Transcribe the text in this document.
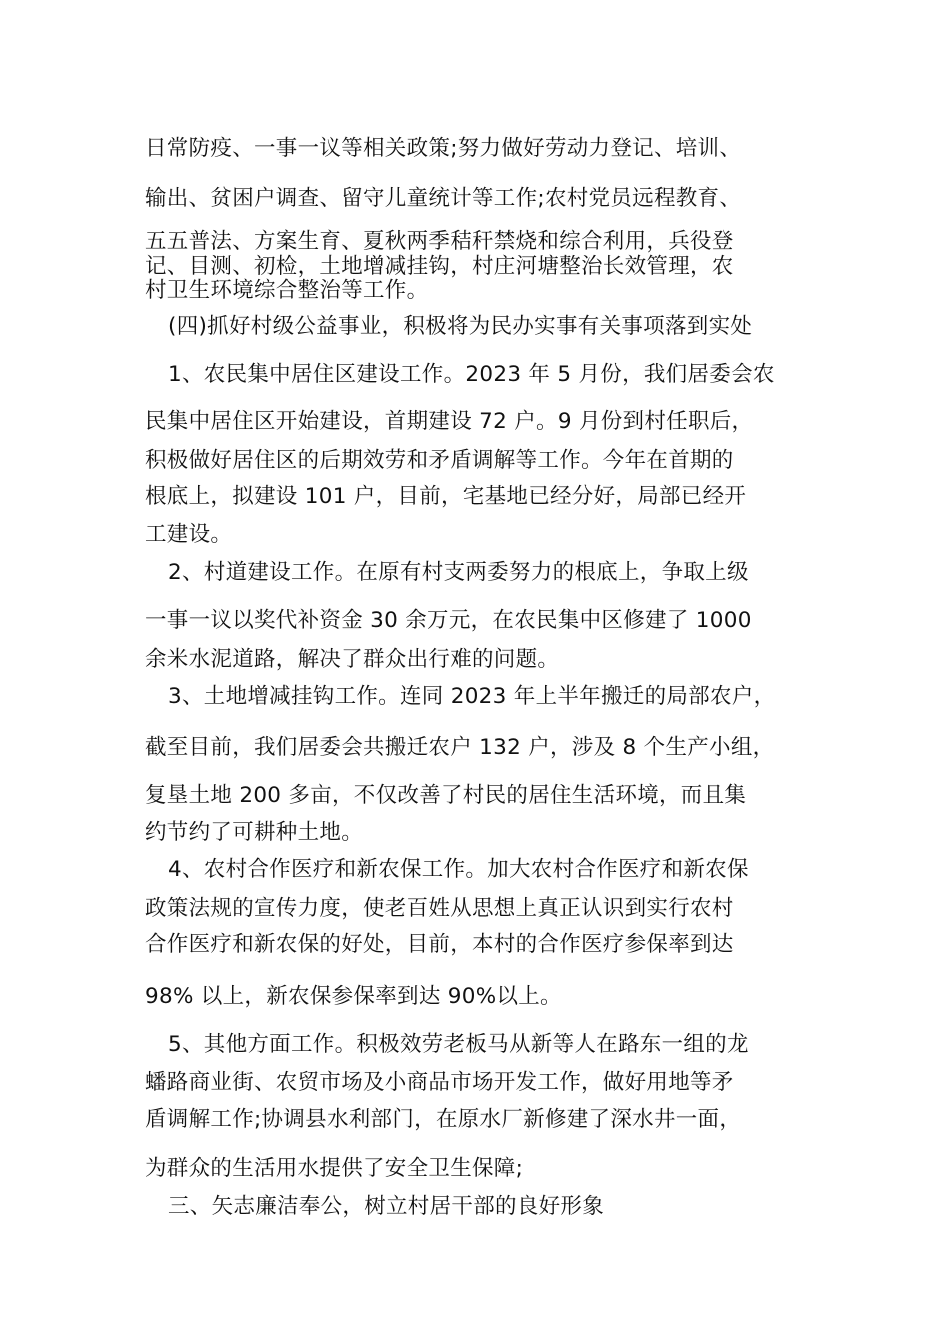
日常防疫、一事一议等相关政策;努力做好劳动力登记、培训、
输出、贫困户调查、留守儿童统计等工作;农村党员远程教育、
五五普法、方案生育、夏秋两季秸秆禁烧和综合利用，兵役登
记、目测、初检，土地增减挂钩，村庄河塘整治长效管理，农
村卫生环境综合整治等工作。
(四)抓好村级公益事业，积极将为民办实事有关事项落到实处
1、农民集中居住区建设工作。2023 年 5 月份，我们居委会农
民集中居住区开始建设，首期建设 72 户。9 月份到村任职后，
积极做好居住区的后期效劳和矛盾调解等工作。今年在首期的
根底上，拟建设 101 户，目前，宅基地已经分好，局部已经开
工建设。
2、村道建设工作。在原有村支两委努力的根底上，争取上级
一事一议以奖代补资金 30 余万元，在农民集中区修建了 1000
余米水泥道路，解决了群众出行难的问题。
3、土地增减挂钩工作。连同 2023 年上半年搬迁的局部农户，
截至目前，我们居委会共搬迁农户 132 户，涉及 8 个生产小组，
复垦土地 200 多亩，不仅改善了村民的居住生活环境，而且集
约节约了可耕种土地。
4、农村合作医疗和新农保工作。加大农村合作医疗和新农保
政策法规的宣传力度，使老百姓从思想上真正认识到实行农村
合作医疗和新农保的好处，目前，本村的合作医疗参保率到达
98% 以上，新农保参保率到达 90%以上。
5、其他方面工作。积极效劳老板马从新等人在路东一组的龙
蟠路商业街、农贸市场及小商品市场开发工作，做好用地等矛
盾调解工作;协调县水利部门，在原水厂新修建了深水井一面，
为群众的生活用水提供了安全卫生保障;
三、矢志廉洁奉公，树立村居干部的良好形象
